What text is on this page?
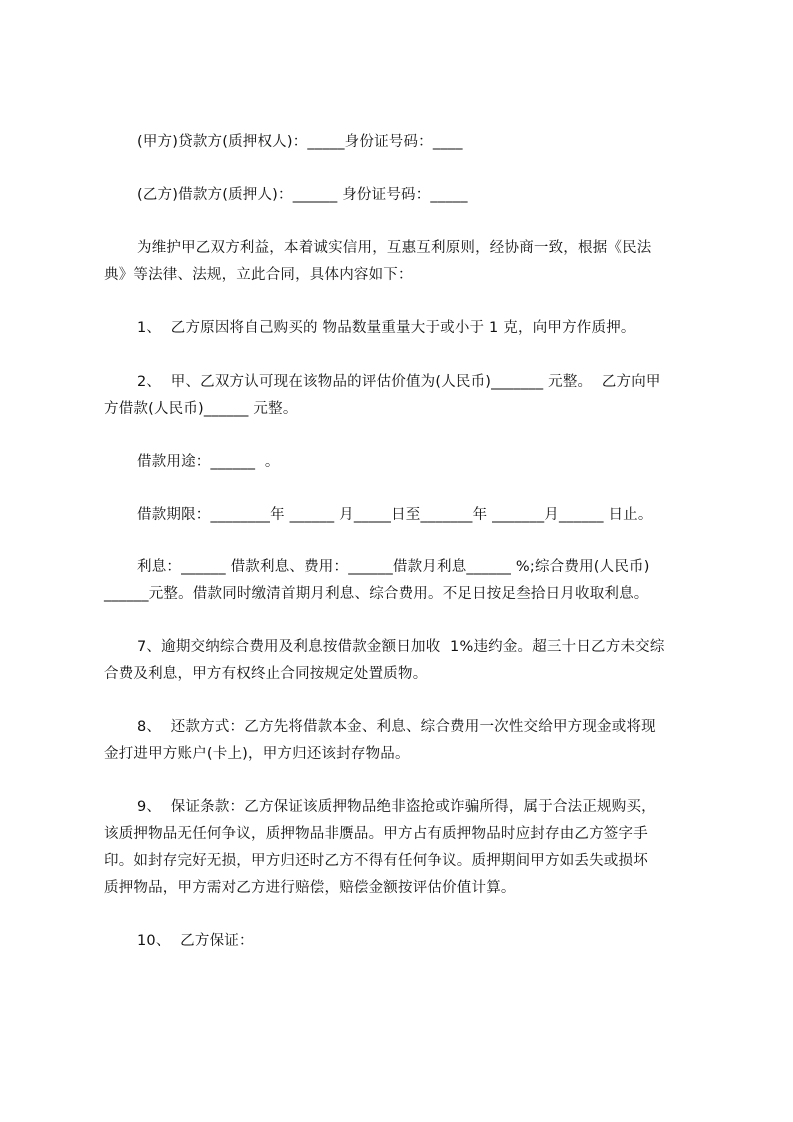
(甲方)贷款方(质押权人)：_____身份证号码：____
(乙方)借款方(质押人)：______ 身份证号码：_____
为维护甲乙双方利益，本着诚实信用，互惠互利原则，经协商一致，根据《民法
典》等法律、法规，立此合同，具体内容如下：
1、  乙方原因将自己购买的 物品数量重量大于或小于 1 克，向甲方作质押。
2、  甲、乙双方认可现在该物品的评估价值为(人民币)_______ 元整。  乙方向甲
方借款(人民币)______ 元整。
借款用途：______  。
借款期限：________年 ______ 月_____日至_______年 _______月______ 日止。
利息：______ 借款利息、费用：______借款月利息______ %;综合费用(人民币)
______元整。借款同时缴清首期月利息、综合费用。不足日按足叁拾日月收取利息。
7、逾期交纳综合费用及利息按借款金额日加收  1%违约金。超三十日乙方未交综
合费及利息，甲方有权终止合同按规定处置质物。
8、  还款方式：乙方先将借款本金、利息、综合费用一次性交给甲方现金或将现
金打进甲方账户(卡上)，甲方归还该封存物品。
9、  保证条款：乙方保证该质押物品绝非盗抢或诈骗所得，属于合法正规购买，
该质押物品无任何争议，质押物品非赝品。甲方占有质押物品时应封存由乙方签字手
印。如封存完好无损，甲方归还时乙方不得有任何争议。质押期间甲方如丢失或损坏
质押物品，甲方需对乙方进行赔偿，赔偿金额按评估价值计算。
10、  乙方保证：
